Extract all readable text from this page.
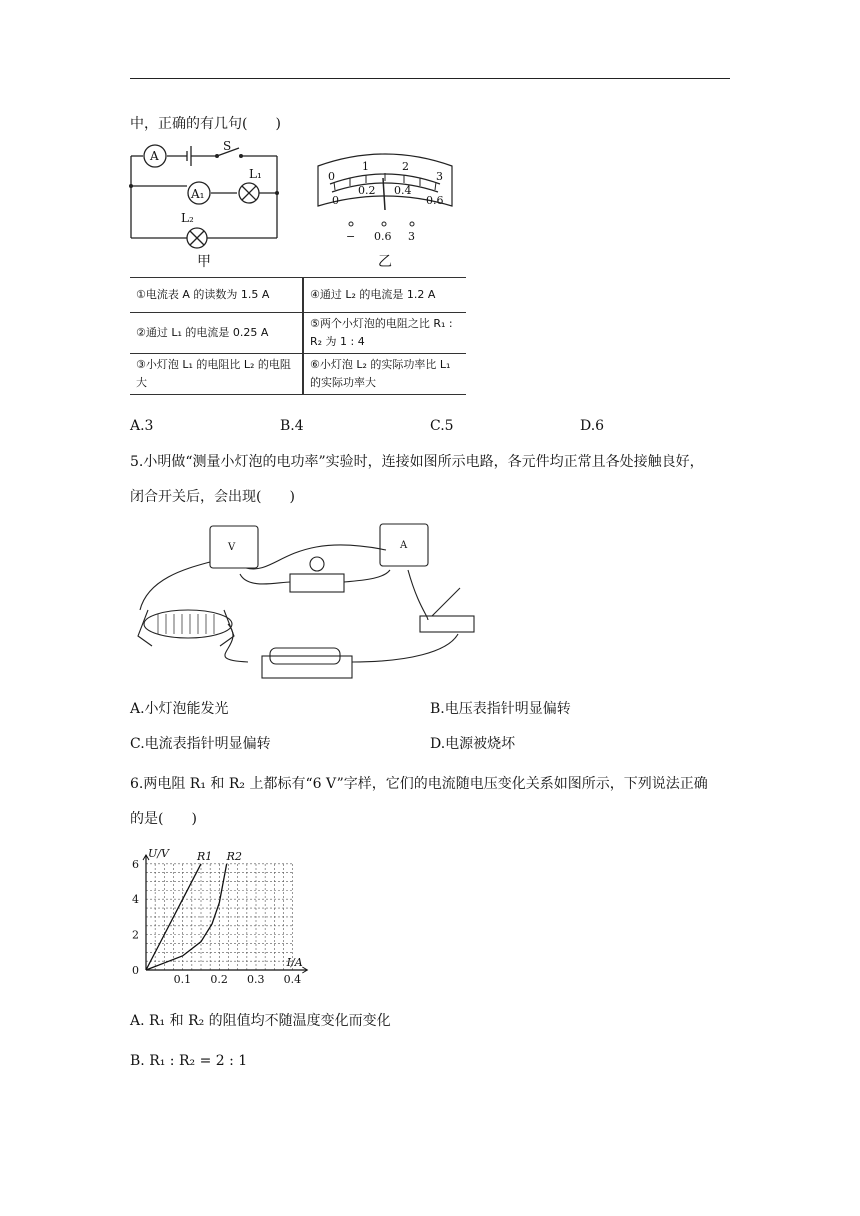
中，正确的有几句(　　)
A
A₁
S
L₁
L₂
甲
0
1	2
3
0
0.2 0.4
0.6
− 0.6 3
乙
①电流表 A 的读数为 1.5 A	④通过 L₂ 的电流是 1.2 A
②通过 L₁ 的电流是 0.25 A	⑤两个小灯泡的电阻之比 R₁ : R₂ 为 1 : 4
③小灯泡 L₁ 的电阻比 L₂ 的电阻大	⑥小灯泡 L₂ 的实际功率比 L₁ 的实际功率大
A.3	B.4	C.5	D.6
5.小明做“测量小灯泡的电功率”实验时，连接如图所示电路，各元件均正常且各处接触良好，
闭合开关后，会出现(　　)
V	A
A.小灯泡能发光	B.电压表指针明显偏转
C.电流表指针明显偏转	D.电源被烧坏
6.两电阻 R₁ 和 R₂ 上都标有“6 V”字样，它们的电流随电压变化关系如图所示，下列说法正确
的是(　　)
0.1 0.2 0.3 0.4
0
2
4
6
I/A
U/V	R1 R2
A. R₁ 和 R₂ 的阻值均不随温度变化而变化
B. R₁ : R₂ = 2 : 1
